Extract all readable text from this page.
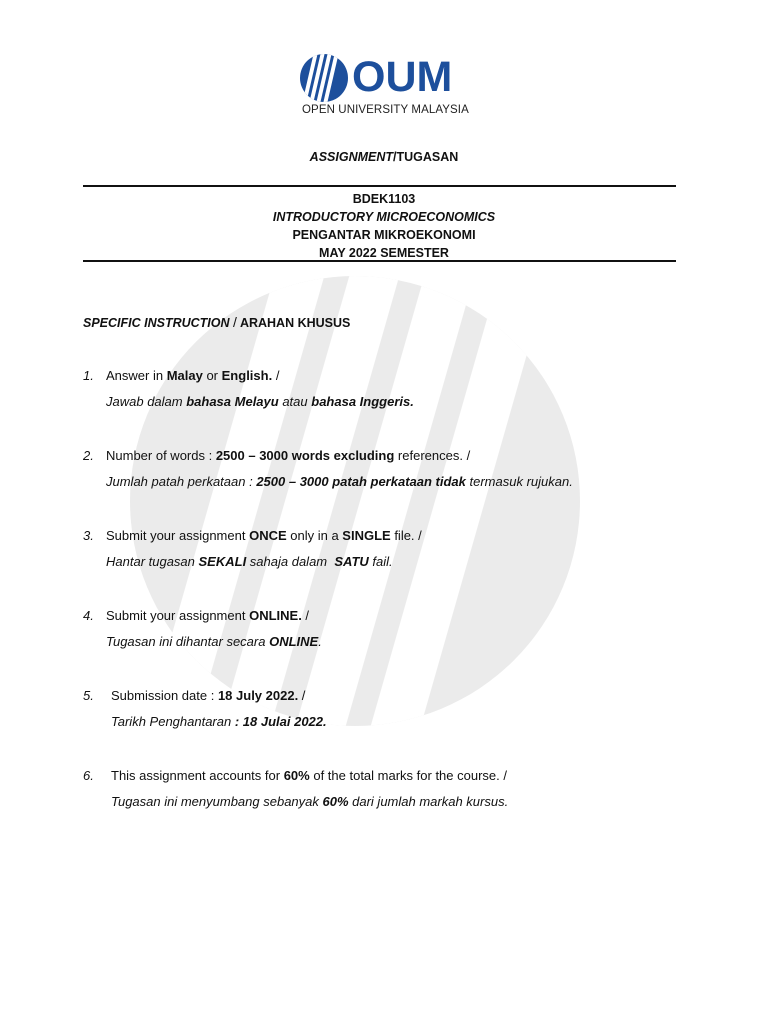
OUM
OPEN UNIVERSITY MALAYSIA
ASSIGNMENT/TUGASAN
BDEK1103
INTRODUCTORY MICROECONOMICS
PENGANTAR MIKROEKONOMI
MAY 2022 SEMESTER
SPECIFIC INSTRUCTION / ARAHAN KHUSUS
1. Answer in Malay or English. /
Jawab dalam bahasa Melayu atau bahasa Inggeris.
2. Number of words : 2500 – 3000 words excluding references. /
Jumlah patah perkataan : 2500 – 3000 patah perkataan tidak termasuk rujukan.
3. Submit your assignment ONCE only in a SINGLE file. /
Hantar tugasan SEKALI sahaja dalam  SATU fail.
4. Submit your assignment ONLINE. /
Tugasan ini dihantar secara ONLINE.
5. Submission date : 18 July 2022. /
Tarikh Penghantaran : 18 Julai 2022.
6. This assignment accounts for 60% of the total marks for the course. /
Tugasan ini menyumbang sebanyak 60% dari jumlah markah kursus.
